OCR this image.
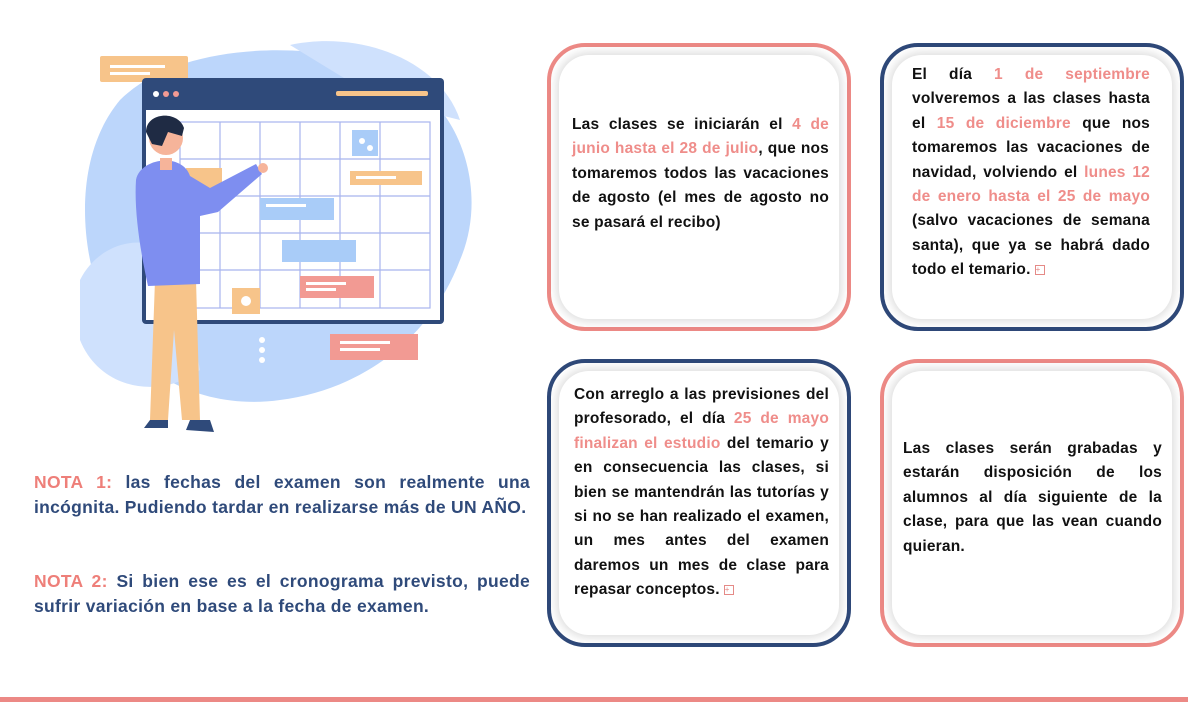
NOTA 1: las fechas del examen son realmente una incógnita. Pudiendo tardar en realizarse más de UN AÑO.
NOTA 2: Si bien ese es el cronograma previsto, puede sufrir variación en base a la fecha de examen.
Las clases se iniciarán el 4 de junio hasta el 28 de julio, que nos tomaremos todos las vacaciones de agosto (el mes de agosto no se pasará el recibo)
El día 1 de septiembre volveremos a las clases hasta el 15 de diciembre que nos tomaremos las vacaciones de navidad, volviendo el lunes 12 de enero hasta el 25 de mayo (salvo vacaciones de semana santa), que ya se habrá dado todo el temario. +
Con arreglo a las previsiones del profesorado, el día 25 de mayo finalizan el estudio del temario y en consecuencia las clases, si bien se mantendrán las tutorías y si no se han realizado el examen, un mes antes del examen daremos un mes de clase para repasar conceptos. +
Las clases serán grabadas y estarán disposición de los alumnos al día siguiente de la clase, para que las vean cuando quieran.
